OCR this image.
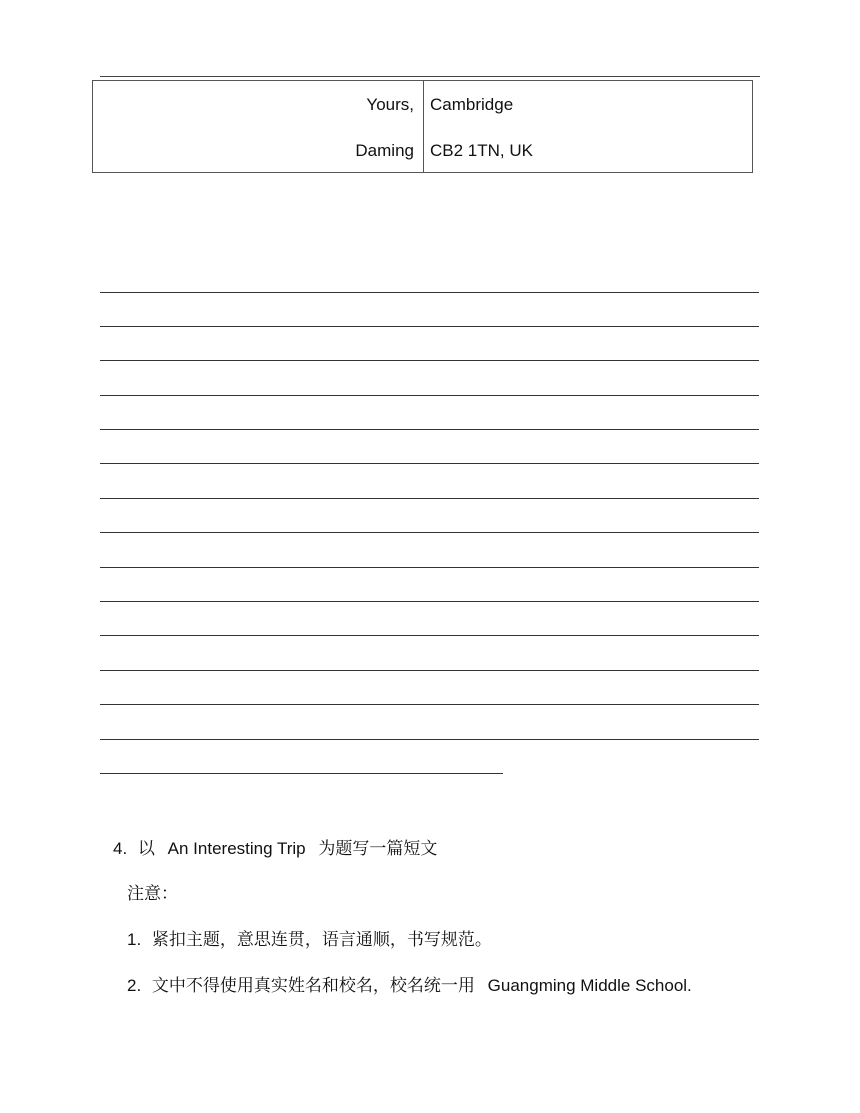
Yours, Cambridge
Daming CB2 1TN, UK
4. 以 An Interesting Trip 为题写一篇短文
注意：
1. 紧扣主题，意思连贯，语言通顺，书写规范。
2. 文中不得使用真实姓名和校名，校名统一用 Guangming Middle School.
